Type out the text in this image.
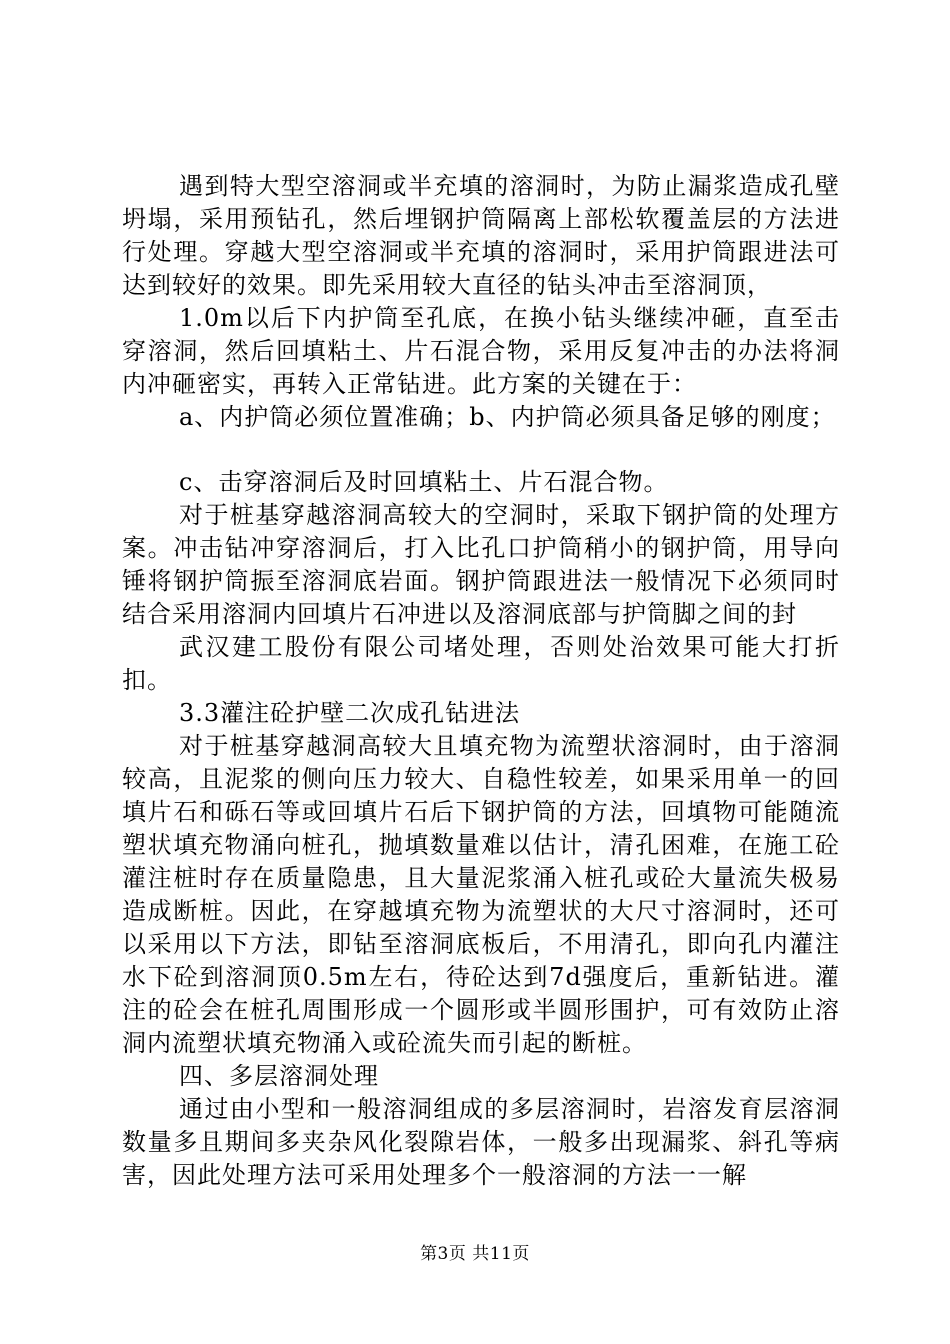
遇到特大型空溶洞或半充填的溶洞时，为防止漏浆造成孔壁坍塌，采用预钻孔，然后埋钢护筒隔离上部松软覆盖层的方法进行处理。穿越大型空溶洞或半充填的溶洞时，采用护筒跟进法可达到较好的效果。即先采用较大直径的钻头冲击至溶洞顶，

1.0m以后下内护筒至孔底，在换小钻头继续冲砸，直至击穿溶洞，然后回填粘土、片石混合物，采用反复冲击的办法将洞内冲砸密实，再转入正常钻进。此方案的关键在于：

a、内护筒必须位置准确；b、内护筒必须具备足够的刚度；

c、击穿溶洞后及时回填粘土、片石混合物。

对于桩基穿越溶洞高较大的空洞时，采取下钢护筒的处理方案。冲击钻冲穿溶洞后，打入比孔口护筒稍小的钢护筒，用导向锤将钢护筒振至溶洞底岩面。钢护筒跟进法一般情况下必须同时结合采用溶洞内回填片石冲进以及溶洞底部与护筒脚之间的封

武汉建工股份有限公司堵处理，否则处治效果可能大打折扣。

3.3灌注砼护壁二次成孔钻进法

对于桩基穿越洞高较大且填充物为流塑状溶洞时，由于溶洞较高，且泥浆的侧向压力较大、自稳性较差，如果采用单一的回填片石和砾石等或回填片石后下钢护筒的方法，回填物可能随流塑状填充物涌向桩孔，抛填数量难以估计，清孔困难，在施工砼灌注桩时存在质量隐患，且大量泥浆涌入桩孔或砼大量流失极易造成断桩。因此，在穿越填充物为流塑状的大尺寸溶洞时，还可以采用以下方法，即钻至溶洞底板后，不用清孔，即向孔内灌注水下砼到溶洞顶0.5m左右，待砼达到7d强度后，重新钻进。灌注的砼会在桩孔周围形成一个圆形或半圆形围护，可有效防止溶洞内流塑状填充物涌入或砼流失而引起的断桩。

四、多层溶洞处理

通过由小型和一般溶洞组成的多层溶洞时，岩溶发育层溶洞数量多且期间多夹杂风化裂隙岩体，一般多出现漏浆、斜孔等病害，因此处理方法可采用处理多个一般溶洞的方法一一解

第3页 共11页
